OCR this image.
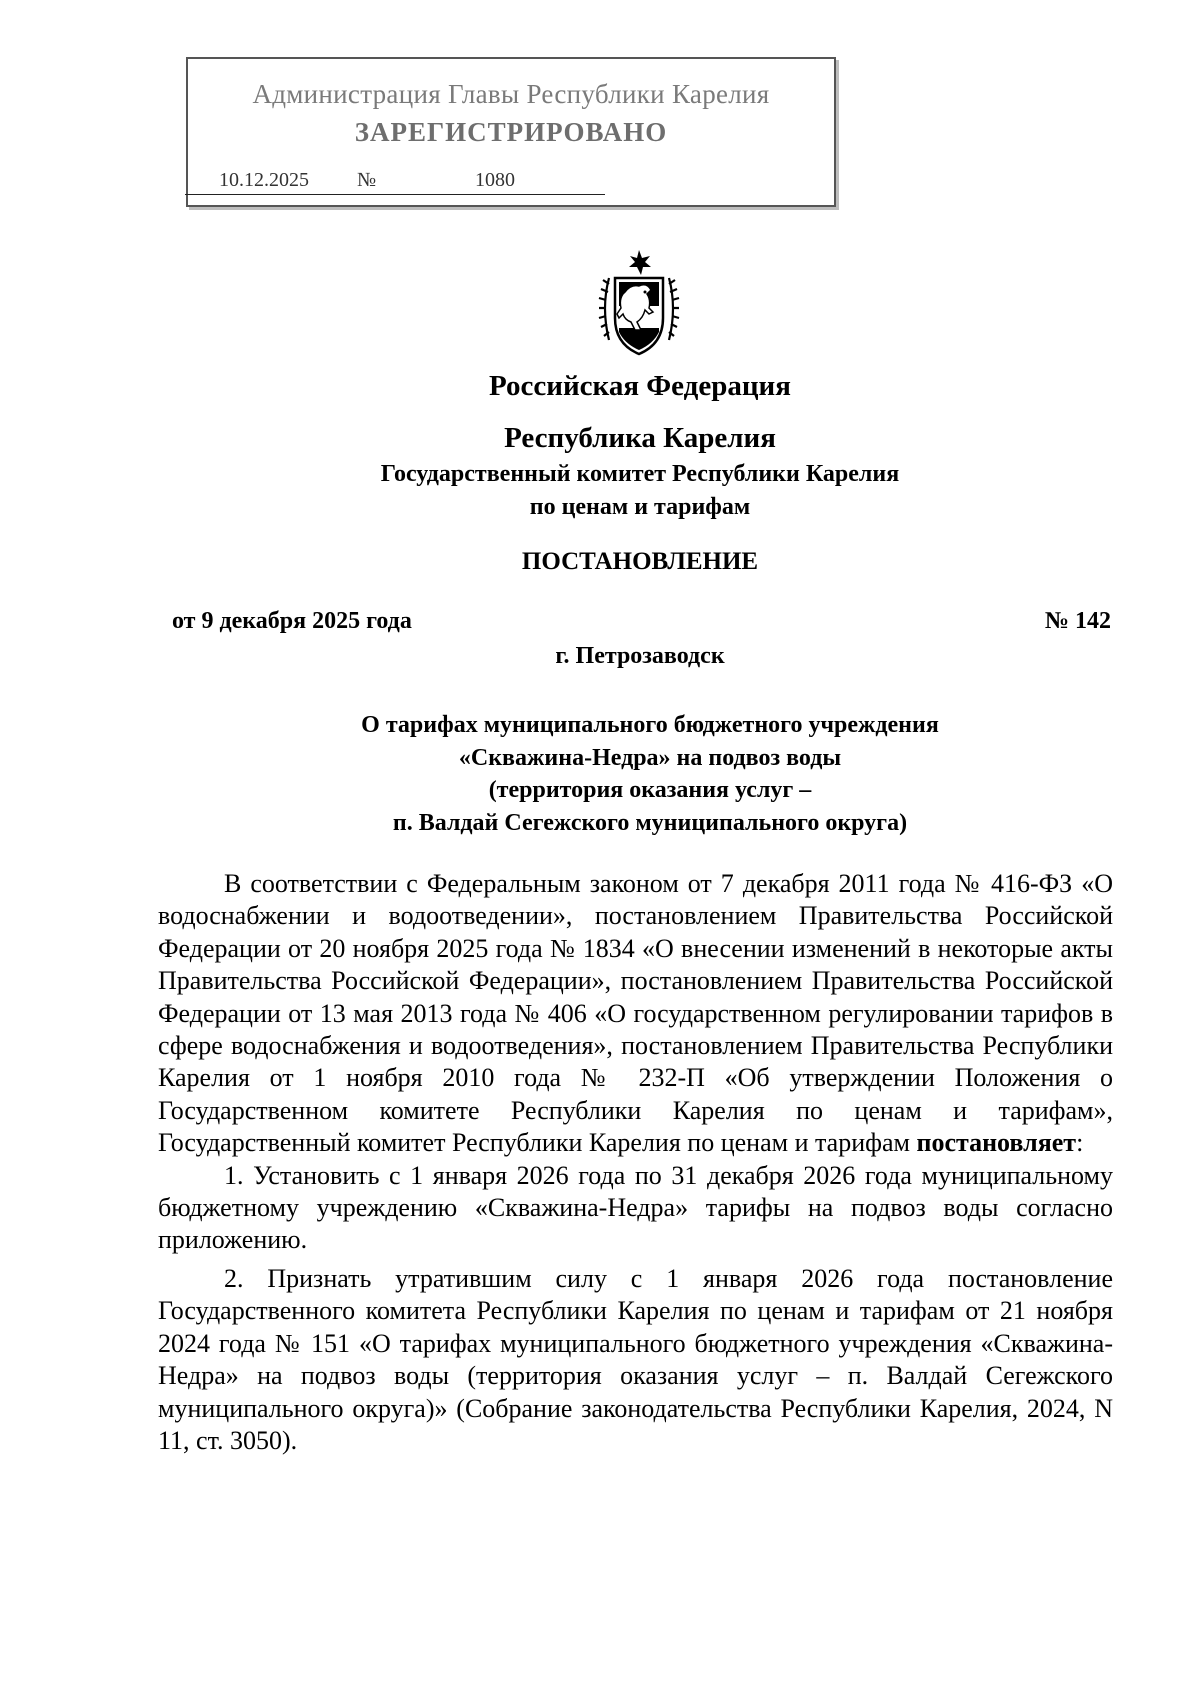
Администрация Главы Республики Карелия
ЗАРЕГИСТРИРОВАНО
10.12.2025 №	1080
Российская Федерация
Республика Карелия
Государственный комитет Республики Карелия
по ценам и тарифам
ПОСТАНОВЛЕНИЕ
от 9 декабря 2025 года	№ 142
г. Петрозаводск
О тарифах муниципального бюджетного учреждения
«Скважина-Недра» на подвоз воды
(территория оказания услуг –
п. Валдай Сегежского муниципального округа)

В соответствии с Федеральным законом от 7 декабря 2011 года № 416-ФЗ «О водоснабжении и водоотведении», постановлением Правительства Российской Федерации от 20 ноября 2025 года № 1834 «О внесении изменений в некоторые акты Правительства Российской Федерации», постановлением Правительства Российской Федерации от 13 мая 2013 года № 406 «О государственном регулировании тарифов в сфере водоснабжения и водоотведения», постановлением Правительства Республики Карелия от 1 ноября 2010 года № 232-П «Об утверждении Положения о Государственном комитете Республики Карелия по ценам и тарифам», Государственный комитет Республики Карелия по ценам и тарифам постановляет:

1. Установить с 1 января 2026 года по 31 декабря 2026 года муниципальному бюджетному учреждению «Скважина-Недра» тарифы на подвоз воды согласно приложению.

2. Признать утратившим силу с 1 января 2026 года постановление Государственного комитета Республики Карелия по ценам и тарифам от 21 ноября 2024 года № 151 «О тарифах муниципального бюджетного учреждения «Скважина-Недра» на подвоз воды (территория оказания услуг – п. Валдай Сегежского муниципального округа)» (Собрание законодательства Республики Карелия, 2024, N 11, ст. 3050).
